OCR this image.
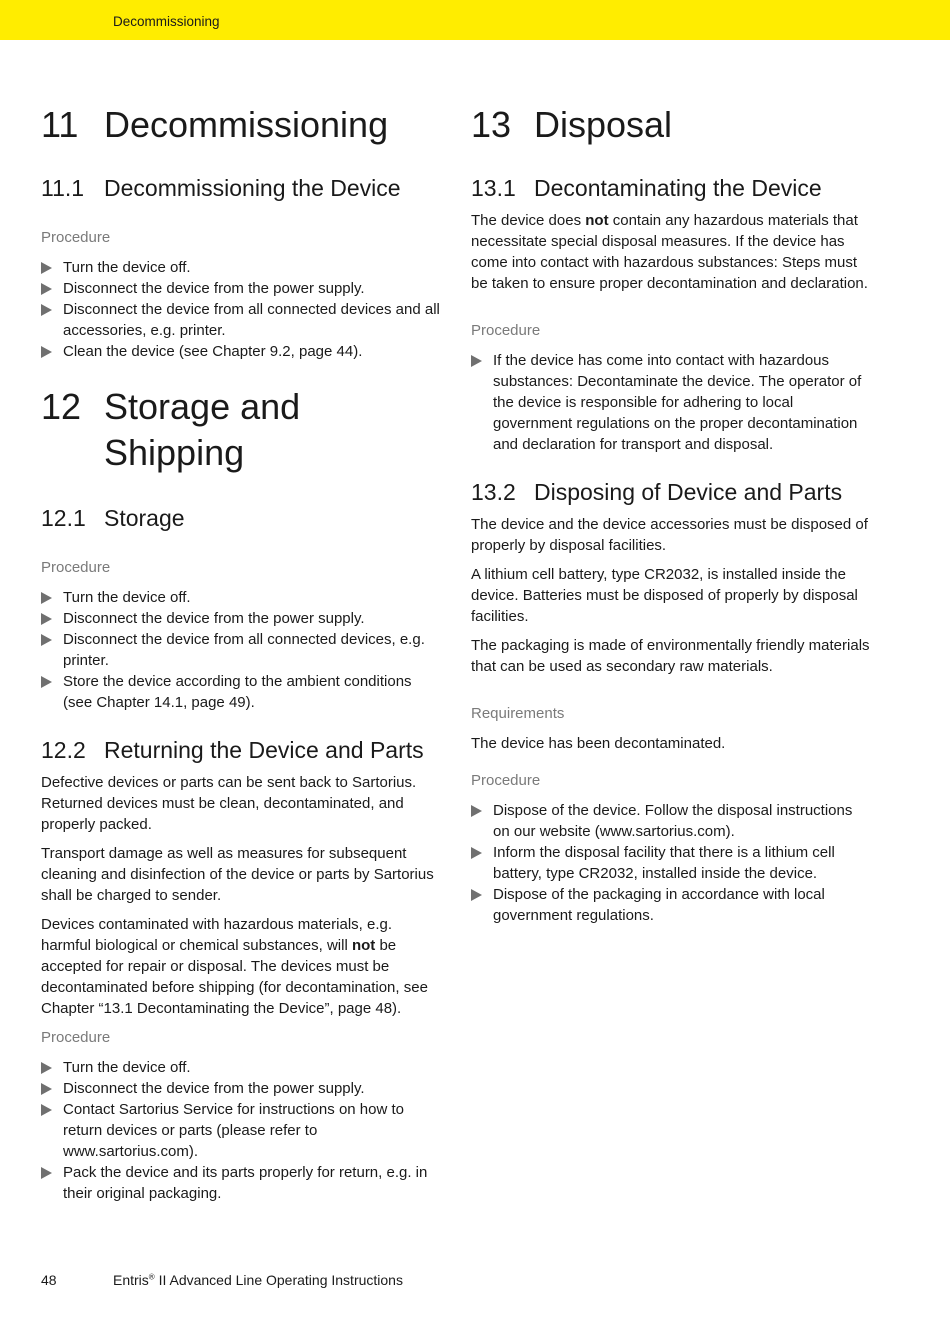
Decommissioning
11 Decommissioning
11.1 Decommissioning the Device
Procedure
Turn the device off.
Disconnect the device from the power supply.
Disconnect the device from all connected devices and all accessories, e.g. printer.
Clean the device (see Chapter 9.2, page 44).
12 Storage and Shipping
12.1 Storage
Procedure
Turn the device off.
Disconnect the device from the power supply.
Disconnect the device from all connected devices, e.g. printer.
Store the device according to the ambient conditions (see Chapter 14.1, page 49).
12.2 Returning the Device and Parts

Defective devices or parts can be sent back to Sartorius. Returned devices must be clean, decontaminated, and properly packed.

Transport damage as well as measures for subsequent cleaning and disinfection of the device or parts by Sartorius shall be charged to sender.

Devices contaminated with hazardous materials, e.g. harmful biological or chemical substances, will not be accepted for repair or disposal. The devices must be decontaminated before shipping (for decontamination, see Chapter “13.1 Decontaminating the Device”, page 48).

Procedure
Turn the device off.
Disconnect the device from the power supply.
Contact Sartorius Service for instructions on how to return devices or parts (please refer to www.sartorius.com).
Pack the device and its parts properly for return, e.g. in their original packaging.
13 Disposal
13.1 Decontaminating the Device

The device does not contain any hazardous materials that necessitate special disposal measures. If the device has come into contact with hazardous substances: Steps must be taken to ensure proper decontamination and declaration.

Procedure
If the device has come into contact with hazardous substances: Decontaminate the device. The operator of the device is responsible for adhering to local government regulations on the proper decontamination and declaration for transport and disposal.
13.2 Disposing of Device and Parts

The device and the device accessories must be disposed of properly by disposal facilities.

A lithium cell battery, type CR2032, is installed inside the device. Batteries must be disposed of properly by disposal facilities.

The packaging is made of environmentally friendly materials that can be used as secondary raw materials.

Requirements

The device has been decontaminated.

Procedure
Dispose of the device. Follow the disposal instructions on our website (www.sartorius.com).
Inform the disposal facility that there is a lithium cell battery, type CR2032, installed inside the device.
Dispose of the packaging in accordance with local government regulations.
48	Entris® II Advanced Line Operating Instructions
